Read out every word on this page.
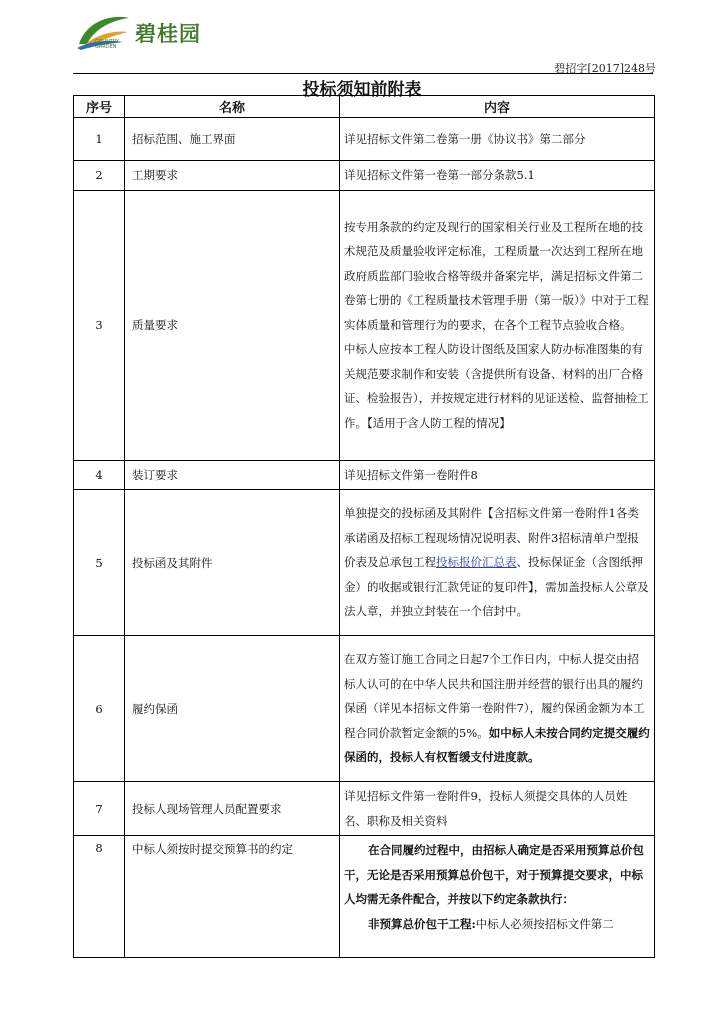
COUNTRY
GARDEN
碧桂园
碧招字[2017]248号
投标须知前附表
序号	名称	内容
1	招标范围、施工界面	详见招标文件第二卷第一册《协议书》第二部分
2	工期要求	详见招标文件第一卷第一部分条款5.1
3	质量要求	按专用条款的约定及现行的国家相关行业及工程所在地的技术规范及质量验收评定标准，工程质量一次达到工程所在地政府质监部门验收合格等级并备案完毕，满足招标文件第二卷第七册的《工程质量技术管理手册（第一版）》中对于工程实体质量和管理行为的要求，在各个工程节点验收合格。

中标人应按本工程人防设计图纸及国家人防办标准图集的有关规范要求制作和安装（含提供所有设备、材料的出厂合格证、检验报告），并按规定进行材料的见证送检、监督抽检工作。【适用于含人防工程的情况】

4	装订要求	详见招标文件第一卷附件8
5	投标函及其附件	单独提交的投标函及其附件【含招标文件第一卷附件1各类承诺函及招标工程现场情况说明表、附件3招标清单户型报价表及总承包工程投标报价汇总表、投标保证金（含图纸押金）的收据或银行汇款凭证的复印件】，需加盖投标人公章及法人章，并独立封装在一个信封中。
6	履约保函	在双方签订施工合同之日起7个工作日内，中标人提交由招标人认可的在中华人民共和国注册并经营的银行出具的履约保函（详见本招标文件第一卷附件7），履约保函金额为本工程合同价款暂定金额的5%。如中标人未按合同约定提交履约保函的，投标人有权暂缓支付进度款。
7	投标人现场管理人员配置要求	详见招标文件第一卷附件9，投标人须提交具体的人员姓名、职称及相关资料
8	中标人须按时提交预算书的约定	在合同履约过程中，由招标人确定是否采用预算总价包干，无论是否采用预算总价包干，对于预算提交要求，中标人均需无条件配合，并按以下约定条款执行：

非预算总价包干工程:中标人必须按招标文件第二
